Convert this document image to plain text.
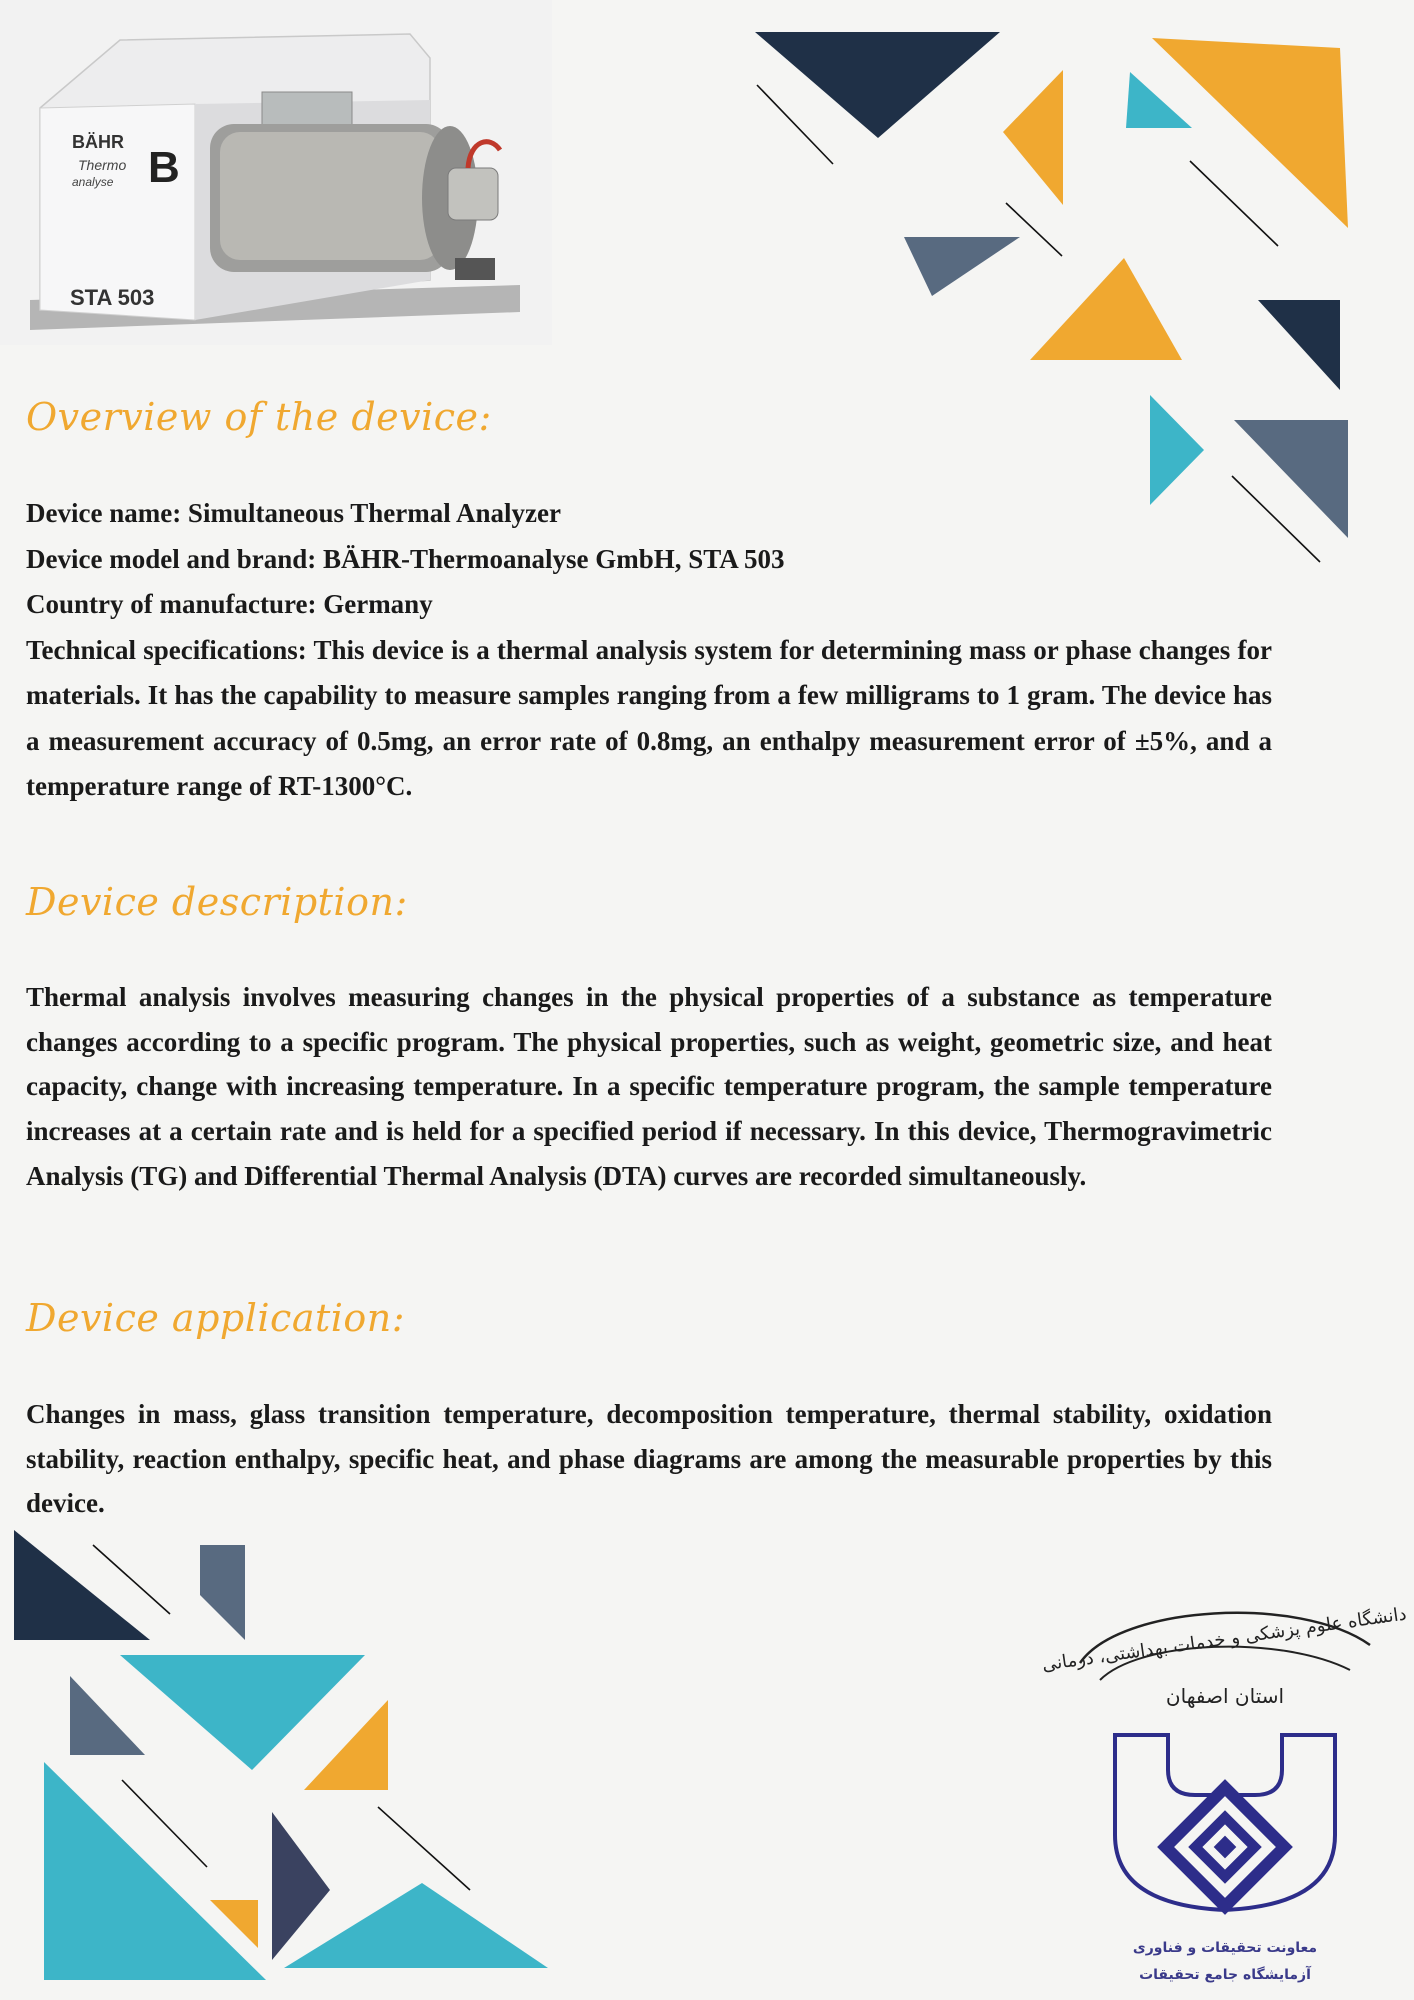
BÄHR
Thermo
analyse B
STA 503
Overview of the device:
Device name: Simultaneous Thermal Analyzer
Device model and brand: BÄHR-Thermoanalyse GmbH, STA 503
Country of manufacture: Germany
Technical specifications: This device is a thermal analysis system for determining mass or phase changes for materials. It has the capability to measure samples ranging from a few milligrams to 1 gram. The device has a measurement accuracy of 0.5mg, an error rate of 0.8mg, an enthalpy measurement error of ±5%, and a temperature range of RT-1300°C.
Device description:

Thermal analysis involves measuring changes in the physical properties of a substance as temperature changes according to a specific program. The physical properties, such as weight, geometric size, and heat capacity, change with increasing temperature. In a specific temperature program, the sample temperature increases at a certain rate and is held for a specified period if necessary. In this device, Thermogravimetric Analysis (TG) and Differential Thermal Analysis (DTA) curves are recorded simultaneously.

Device application:

Changes in mass, glass transition temperature, decomposition temperature, thermal stability, oxidation stability, reaction enthalpy, specific heat, and phase diagrams are among the measurable properties by this device.

دانشگاه علوم پزشکی و خدمات بهداشتی، درمانی
استان اصفهان
معاونت تحقیقات و فناوری
آزمایشگاه جامع تحقیقات
